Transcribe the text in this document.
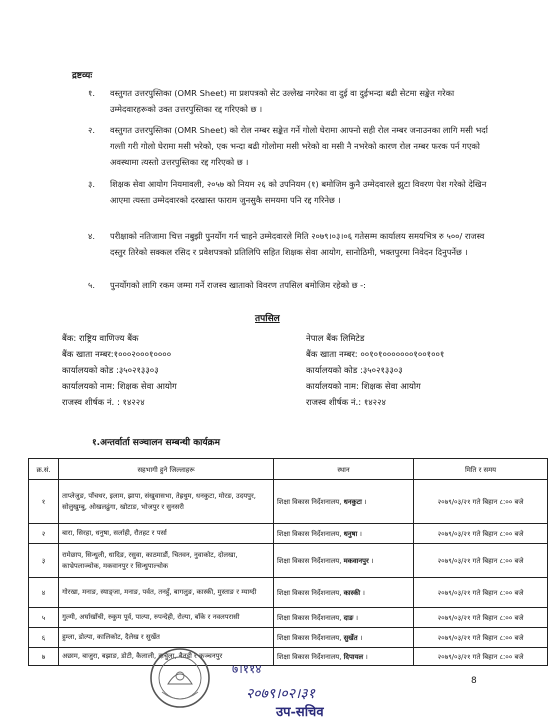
द्रष्टव्यः
१.	वस्तुगत उत्तरपुस्तिका (OMR Sheet) मा प्रशपत्रको सेट उल्लेख नगरेका वा दुई वा दुईभन्दा बढी सेटमा सङ्केत गरेका उम्मेदवारहरूको उक्त उत्तरपुस्तिका रद्द गरिएको छ ।
२.	वस्तुगत उत्तरपुस्तिका (OMR Sheet) को रोल नम्बर सङ्केत गर्ने गोलो घेरामा आफ्नो सही रोल नम्बर जनाउनका लागि मसी भर्दा गल्ती गरी गोलो घेरामा मसी भरेको, एक भन्दा बढी गोलोमा मसी भरेको वा मसी नै नभरेको कारण रोल नम्बर फरक पर्न गएको अवस्थामा त्यस्तो उत्तरपुस्तिका रद्द गरिएको छ ।
३.	शिक्षक सेवा आयोग नियमावली, २०५७ को नियम २६ को उपनियम (१) बमोजिम कुनै उम्मेदवारले झुटा विवरण पेश गरेको देखिन आएमा त्यस्ता उम्मेदवारको दरखास्त फाराम जुनसुकै समयमा पनि रद्द गरिनेछ ।
४.	परीक्षाको नतिजामा चित्त नबुझी पुनर्योग गर्न चाहने उम्मेदवारले मिति २०७९।०३।०६ गतेसम्म कार्यालय समयभित्र रु ५००/ राजस्व दस्तुर तिरेको सक्कल रसिद र प्रवेशपत्रको प्रतिलिपि सहित शिक्षक सेवा आयोग, सानोठिमी, भक्तपुरमा निवेदन दिनुपर्नेछ ।
५.	पुनर्योगको लागि रकम जम्मा गर्ने राजस्व खाताको विवरण तपसिल बमोजिम रहेको छ -:
तपसिल
बैंक: राष्ट्रिय वाणिज्य बैंक
बैंक खाता नम्बर:१०००२०००१००००
कार्यालयको कोड :३५०२१३३०३
कार्यालयको नाम: शिक्षक सेवा आयोग
राजस्व शीर्षक नं. : १४२२४
नेपाल बैंक लिमिटेड
बैंक खाता नम्बर: ००१०१०००००००१००१००१
कार्यालयको कोड :३५०२१३३०३
कार्यालयको नाम: शिक्षक सेवा आयोग
राजस्व शीर्षक नं.: १४२२४
१.अन्तर्वार्ता सञ्चालन सम्बन्धी कार्यक्रम
क्र.सं.	सहभागी हुने जिल्लाहरू	स्थान	मिति र समय
१	ताप्लेजुङ, पाँचथर, इलाम, झापा, संखुवासभा, तेह्रथुम, धनकुटा, मोरङ, उदयपुर, सोलुखुम्बु, ओखलढुंगा, खोटाङ, भोजपुर र सुनसरी	शिक्षा विकास निर्देशनालय, धनकुटा ।	२०७९/०३/२१ गते बिहान ८:०० बजे
२	बारा, सिरहा, धनुषा, सर्लाही, रौतहट र पर्सा	शिक्षा विकास निर्देशनालय, धनुषा ।	२०७९/०३/२१ गते बिहान ८:०० बजे
३	रामेछाप, सिन्धुली, धादिङ, रसुवा, काठमाडौं, चितवन, नुवाकोट, दोलखा, काभ्रेपलाञ्चोक, मकवानपुर र सिन्धुपाल्चोक	शिक्षा विकास निर्देशनालय, मकवानपुर ।	२०७९/०३/२१ गते बिहान ८:०० बजे
४	गोरखा, मनाङ, स्याङ्जा, मनाङ, पर्वत, तनहुँ, बागलुङ, कास्की, मुस्ताङ र म्याग्दी	शिक्षा विकास निर्देशनालय, कास्की ।	२०७९/०३/२१ गते बिहान ८:०० बजे
५	गुल्मी, अर्घाखाँची, रुकुम पूर्व, पाल्पा, रुपन्देही, रोल्पा, बाँके र नवलपरासी	शिक्षा विकास निर्देशनालय, दाङ ।	२०७९/०३/२१ गते बिहान ८:०० बजे
६	हुम्ला, डोल्पा, कालिकोट, दैलेख र सुर्खेत	शिक्षा विकास निर्देशनालय, सुर्खेत ।	२०७९/०३/२१ गते बिहान ८:०० बजे
७	अछाम, बाजुरा, बझाङ, डोटी, कैलाली, दार्चुला, बैतडी र कञ्चनपुर	शिक्षा विकास निर्देशनालय, दिपायल ।	२०७९/०३/२१ गते बिहान ८:०० बजे
७।११४
२०७९।०२।३१
उप-सचिव
8
